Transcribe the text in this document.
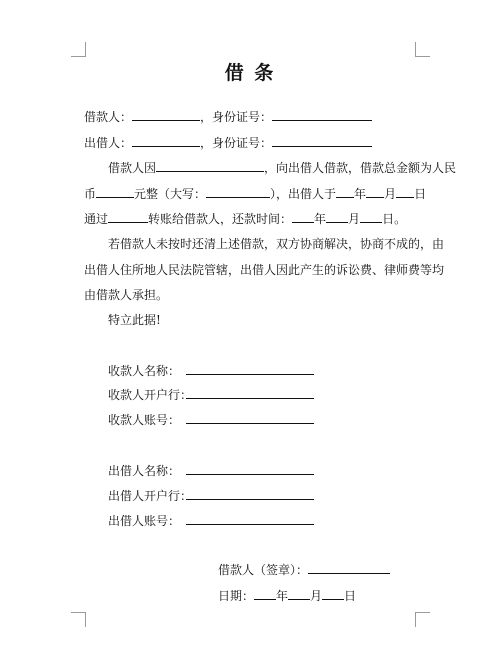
借 条
借款人：	，身份证号：
出借人：	，身份证号：
借款人因	，向出借人借款，借款总金额为人民
币	元整（大写：	），出借人于 年 月 日
通过	转账给借款人，还款时间： 年 月 日。
若借款人未按时还清上述借款，双方协商解决，协商不成的，由
出借人住所地人民法院管辖，出借人因此产生的诉讼费、律师费等均
由借款人承担。
特立此据!
收款人名称：
收款人开户行：
收款人账号：
出借人名称：
出借人开户行：
出借人账号：
借款人（签章）：
日期： 年 月 日
